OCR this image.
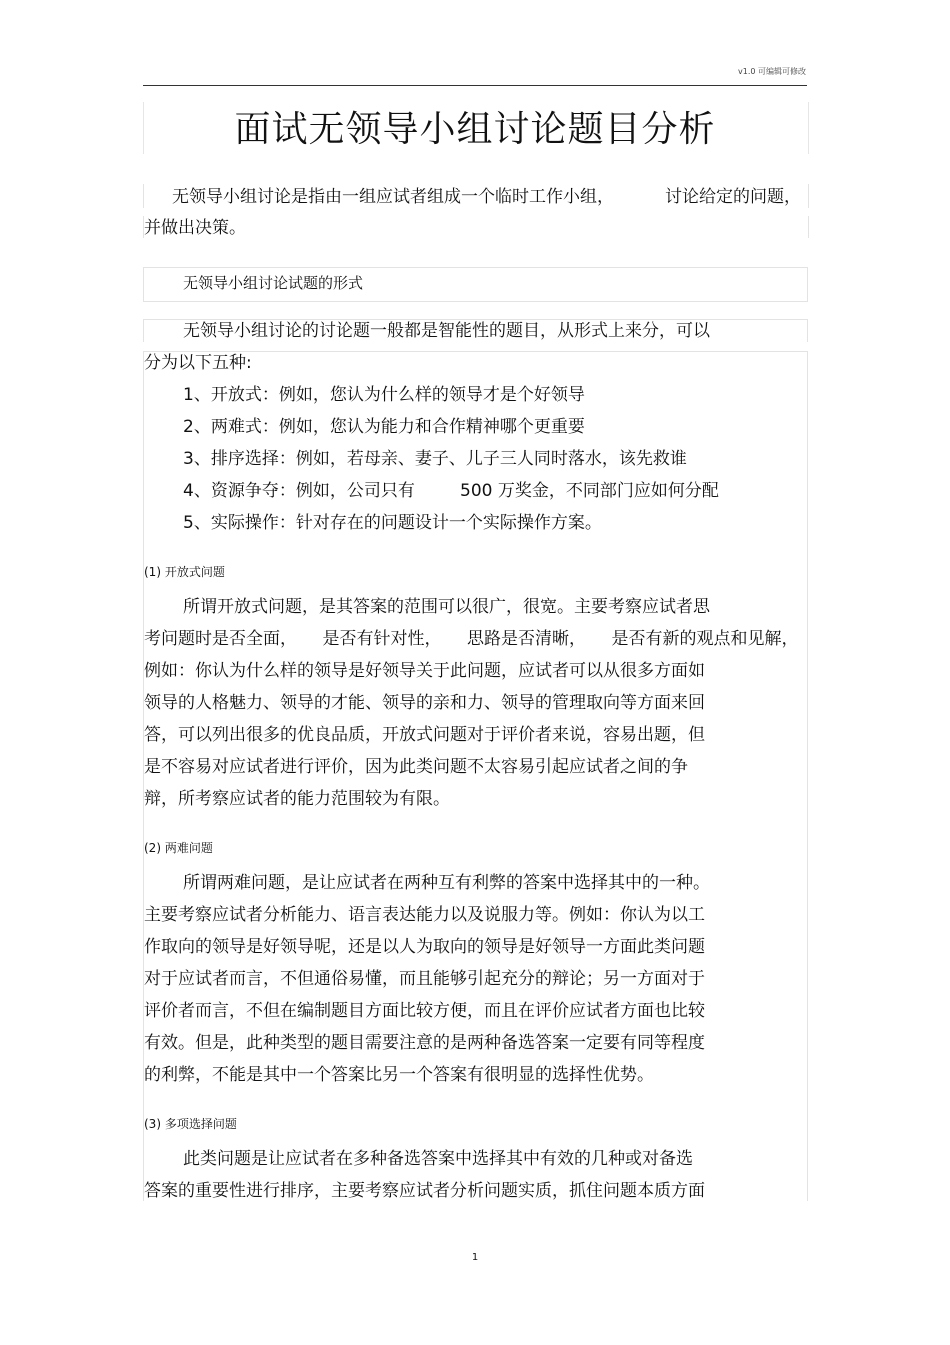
v1.0 可编辑可修改
面试无领导小组讨论题目分析
无领导小组讨论是指由一组应试者组成一个临时工作小组，	讨论给定的问题，
并做出决策。
无领导小组讨论试题的形式
无领导小组讨论的讨论题一般都是智能性的题目，从形式上来分，可以
分为以下五种:
1、开放式：例如，您认为什么样的领导才是个好领导
2、两难式：例如，您认为能力和合作精神哪个更重要
3、排序选择：例如，若母亲、妻子、儿子三人同时落水，该先救谁
4、资源争夺：例如，公司只有	500 万奖金，不同部门应如何分配
5、实际操作：针对存在的问题设计一个实际操作方案。
(1) 开放式问题
所谓开放式问题，是其答案的范围可以很广，很宽。主要考察应试者思
考问题时是否全面，　　是否有针对性，　　思路是否清晰，　　是否有新的观点和见解，
例如：你认为什么样的领导是好领导关于此问题，应试者可以从很多方面如
领导的人格魅力、领导的才能、领导的亲和力、领导的管理取向等方面来回
答，可以列出很多的优良品质，开放式问题对于评价者来说，容易出题，但
是不容易对应试者进行评价，因为此类问题不太容易引起应试者之间的争
辩，所考察应试者的能力范围较为有限。
(2) 两难问题
所谓两难问题，是让应试者在两种互有利弊的答案中选择其中的一种。
主要考察应试者分析能力、语言表达能力以及说服力等。例如：你认为以工
作取向的领导是好领导呢，还是以人为取向的领导是好领导一方面此类问题
对于应试者而言，不但通俗易懂，而且能够引起充分的辩论；另一方面对于
评价者而言，不但在编制题目方面比较方便，而且在评价应试者方面也比较
有效。但是，此种类型的题目需要注意的是两种备选答案一定要有同等程度
的利弊，不能是其中一个答案比另一个答案有很明显的选择性优势。
(3) 多项选择问题
此类问题是让应试者在多种备选答案中选择其中有效的几种或对备选
答案的重要性进行排序，主要考察应试者分析问题实质，抓住问题本质方面
1
